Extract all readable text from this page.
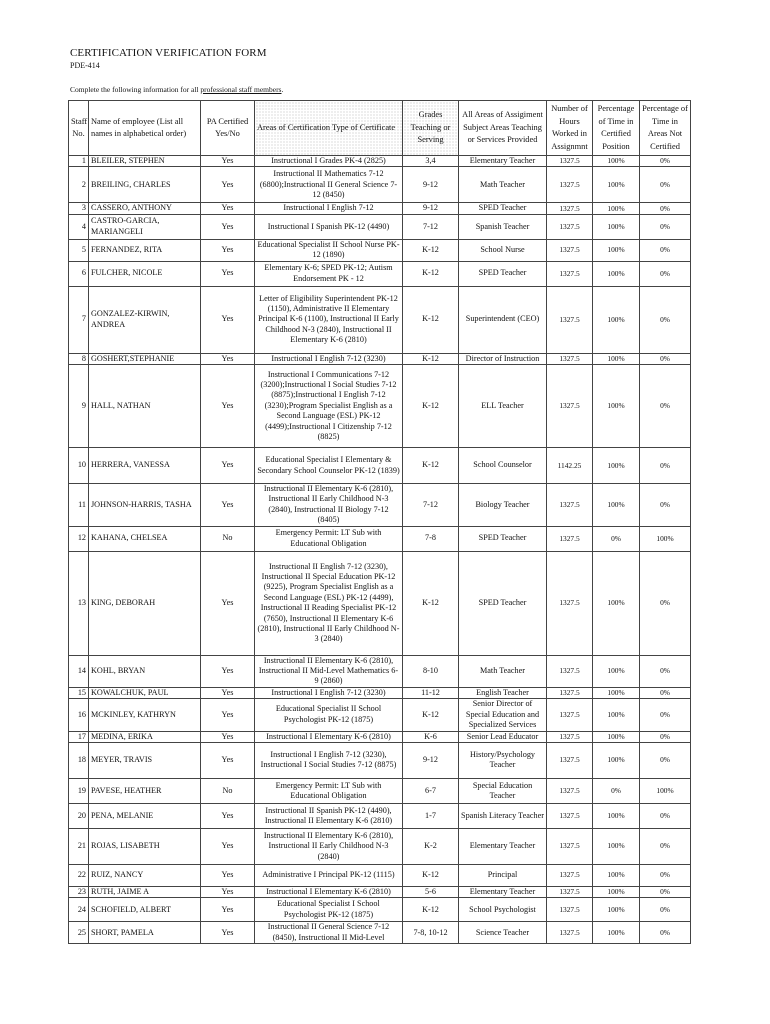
CERTIFICATION VERIFICATION FORM

PDE-414

Complete the following information for all professional staff members.
Staff No.	Name of employee (List all names in alphabetical order)	PA Certified Yes/No	Areas of Certification Type of Certificate	Grades Teaching or Serving	All Areas of Assigiment Subject Areas Teaching or Services Provided	Number of Hours Worked in Assignmnt	Percentage of Time in Certified Position	Percentage of Time in Areas Not Certified
1	BLEILER, STEPHEN	Yes	Instructional I Grades PK-4 (2825)	3,4	Elementary Teacher	1327.5	100%	0%
2	BREILING, CHARLES	Yes	Instructional II Mathematics 7-12 (6800);Instructional II General Science 7-12 (8450)	9-12	Math Teacher	1327.5	100%	0%
3	CASSERO, ANTHONY	Yes	Instructional I English 7-12	9-12	SPED Teacher	1327.5	100%	0%
4	CASTRO-GARCIA, MARIANGELI	Yes	Instructional I Spanish PK-12 (4490)	7-12	Spanish Teacher	1327.5	100%	0%
5	FERNANDEZ, RITA	Yes	Educational Specialist II School Nurse PK-12 (1890)	K-12	School Nurse	1327.5	100%	0%
6	FULCHER, NICOLE	Yes	Elementary K-6; SPED PK-12; Autism Endorsement PK - 12	K-12	SPED Teacher	1327.5	100%	0%
7	GONZALEZ-KIRWIN, ANDREA	Yes	Letter of Eligibility Superintendent PK-12 (1150), Administrative II Elementary Principal K-6 (1100), Instructional II Early Childhood N-3 (2840), Instructional II Elementary K-6 (2810)	K-12	Superintendent (CEO)	1327.5	100%	0%
8	GOSHERT,STEPHANIE	Yes	Instructional I English 7-12 (3230)	K-12	Director of Instruction	1327.5	100%	0%
9	HALL, NATHAN	Yes	Instructional I Communications 7-12 (3200);Instructional I Social Studies 7-12 (8875);Instructional I English 7-12 (3230);Program Specialist English as a Second Language (ESL) PK-12 (4499);Instructional I Citizenship 7-12 (8825)	K-12	ELL Teacher	1327.5	100%	0%
10	HERRERA, VANESSA	Yes	Educational Specialist I Elementary & Secondary School Counselor PK-12 (1839)	K-12	School Counselor	1142.25	100%	0%
11	JOHNSON-HARRIS, TASHA	Yes	Instructional II Elementary K-6 (2810), Instructional II Early Childhood N-3 (2840), Instructional II Biology 7-12 (8405)	7-12	Biology Teacher	1327.5	100%	0%
12	KAHANA, CHELSEA	No	Emergency Permit: LT Sub with Educational Obligation	7-8	SPED Teacher	1327.5	0%	100%
13	KING, DEBORAH	Yes	Instructional II English 7-12 (3230), Instructional II Special Education PK-12 (9225), Program Specialist English as a Second Language (ESL) PK-12 (4499), Instructional II Reading Specialist PK-12 (7650), Instructional II Elementary K-6 (2810), Instructional II Early Childhood N-3 (2840)	K-12	SPED Teacher	1327.5	100%	0%
14	KOHL, BRYAN	Yes	Instructional II Elementary K-6 (2810), Instructional II Mid-Level Mathematics 6-9 (2860)	8-10	Math Teacher	1327.5	100%	0%
15	KOWALCHUK, PAUL	Yes	Instructional I English 7-12 (3230)	11-12	English Teacher	1327.5	100%	0%
16	MCKINLEY, KATHRYN	Yes	Educational Specialist II School Psychologist PK-12 (1875)	K-12	Senior Director of Special Education and Specialized Services	1327.5	100%	0%
17	MEDINA, ERIKA	Yes	Instructional I Elementary K-6 (2810)	K-6	Senior Lead Educator	1327.5	100%	0%
18	MEYER, TRAVIS	Yes	Instructional I English 7-12 (3230), Instructional I Social Studies 7-12 (8875)	9-12	History/Psychology Teacher	1327.5	100%	0%
19	PAVESE, HEATHER	No	Emergency Permit: LT Sub with Educational Obligation	6-7	Special Education Teacher	1327.5	0%	100%
20	PENA, MELANIE	Yes	Instructional II Spanish PK-12 (4490), Instructional II Elementary K-6 (2810)	1-7	Spanish Literacy Teacher	1327.5	100%	0%
21	ROJAS, LISABETH	Yes	Instructional II Elementary K-6 (2810), Instructional II Early Childhood N-3 (2840)	K-2	Elementary Teacher	1327.5	100%	0%
22	RUIZ, NANCY	Yes	Administrative I Principal PK-12 (1115)	K-12	Principal	1327.5	100%	0%
23	RUTH, JAIME A	Yes	Instructional I Elementary K-6 (2810)	5-6	Elementary Teacher	1327.5	100%	0%
24	SCHOFIELD, ALBERT	Yes	Educational Specialist I School Psychologist PK-12 (1875)	K-12	School Psychologist	1327.5	100%	0%
25	SHORT, PAMELA	Yes	Instructional II General Science 7-12 (8450), Instructional II Mid-Level	7-8, 10-12	Science Teacher	1327.5	100%	0%
